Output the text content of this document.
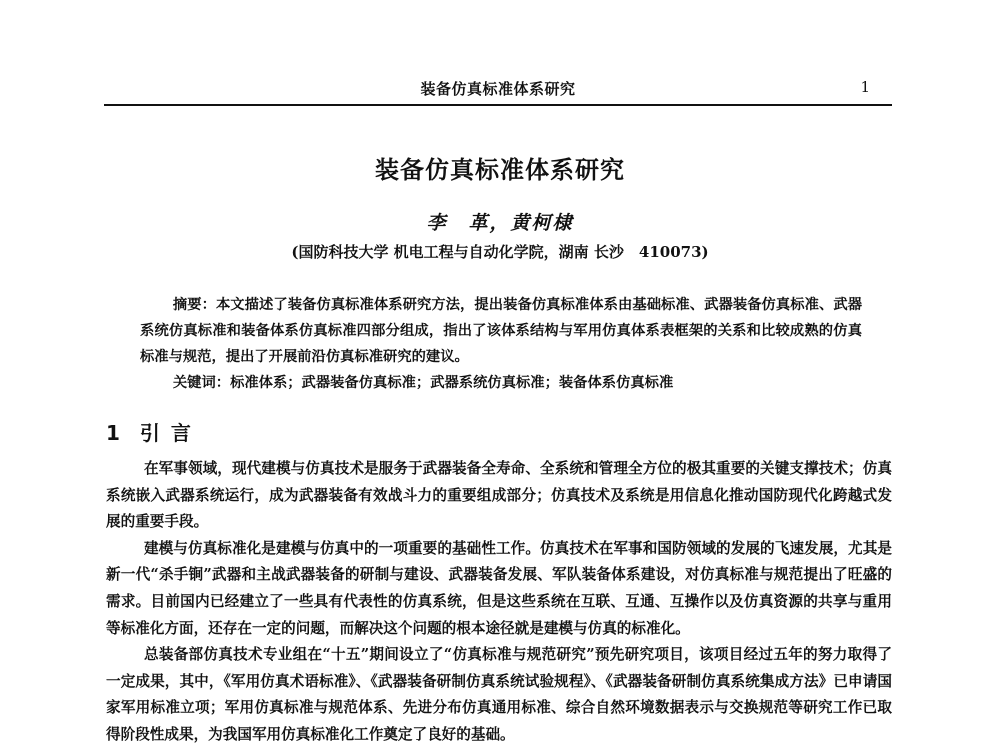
装备仿真标准体系研究	1
装备仿真标准体系研究
李　革，黄柯棣
(国防科技大学 机电工程与自动化学院，湖南 长沙　410073)

摘要：本文描述了装备仿真标准体系研究方法，提出装备仿真标准体系由基础标准、武器装备仿真标准、武器系统仿真标准和装备体系仿真标准四部分组成，指出了该体系结构与军用仿真体系表框架的关系和比较成熟的仿真标准与规范，提出了开展前沿仿真标准研究的建议。

关键词：标准体系；武器装备仿真标准；武器系统仿真标准；装备体系仿真标准

1 引 言

在军事领域，现代建模与仿真技术是服务于武器装备全寿命、全系统和管理全方位的极其重要的关键支撑技术；仿真系统嵌入武器系统运行，成为武器装备有效战斗力的重要组成部分；仿真技术及系统是用信息化推动国防现代化跨越式发展的重要手段。

建模与仿真标准化是建模与仿真中的一项重要的基础性工作。仿真技术在军事和国防领域的发展的飞速发展，尤其是新一代“杀手锏”武器和主战武器装备的研制与建设、武器装备发展、军队装备体系建设，对仿真标准与规范提出了旺盛的需求。目前国内已经建立了一些具有代表性的仿真系统，但是这些系统在互联、互通、互操作以及仿真资源的共享与重用等标准化方面，还存在一定的问题，而解决这个问题的根本途径就是建模与仿真的标准化。

总装备部仿真技术专业组在“十五”期间设立了“仿真标准与规范研究”预先研究项目，该项目经过五年的努力取得了一定成果，其中，《军用仿真术语标准》、《武器装备研制仿真系统试验规程》、《武器装备研制仿真系统集成方法》已申请国家军用标准立项；军用仿真标准与规范体系、先进分布仿真通用标准、综合自然环境数据表示与交换规范等研究工作已取得阶段性成果，为我国军用仿真标准化工作奠定了良好的基础。
